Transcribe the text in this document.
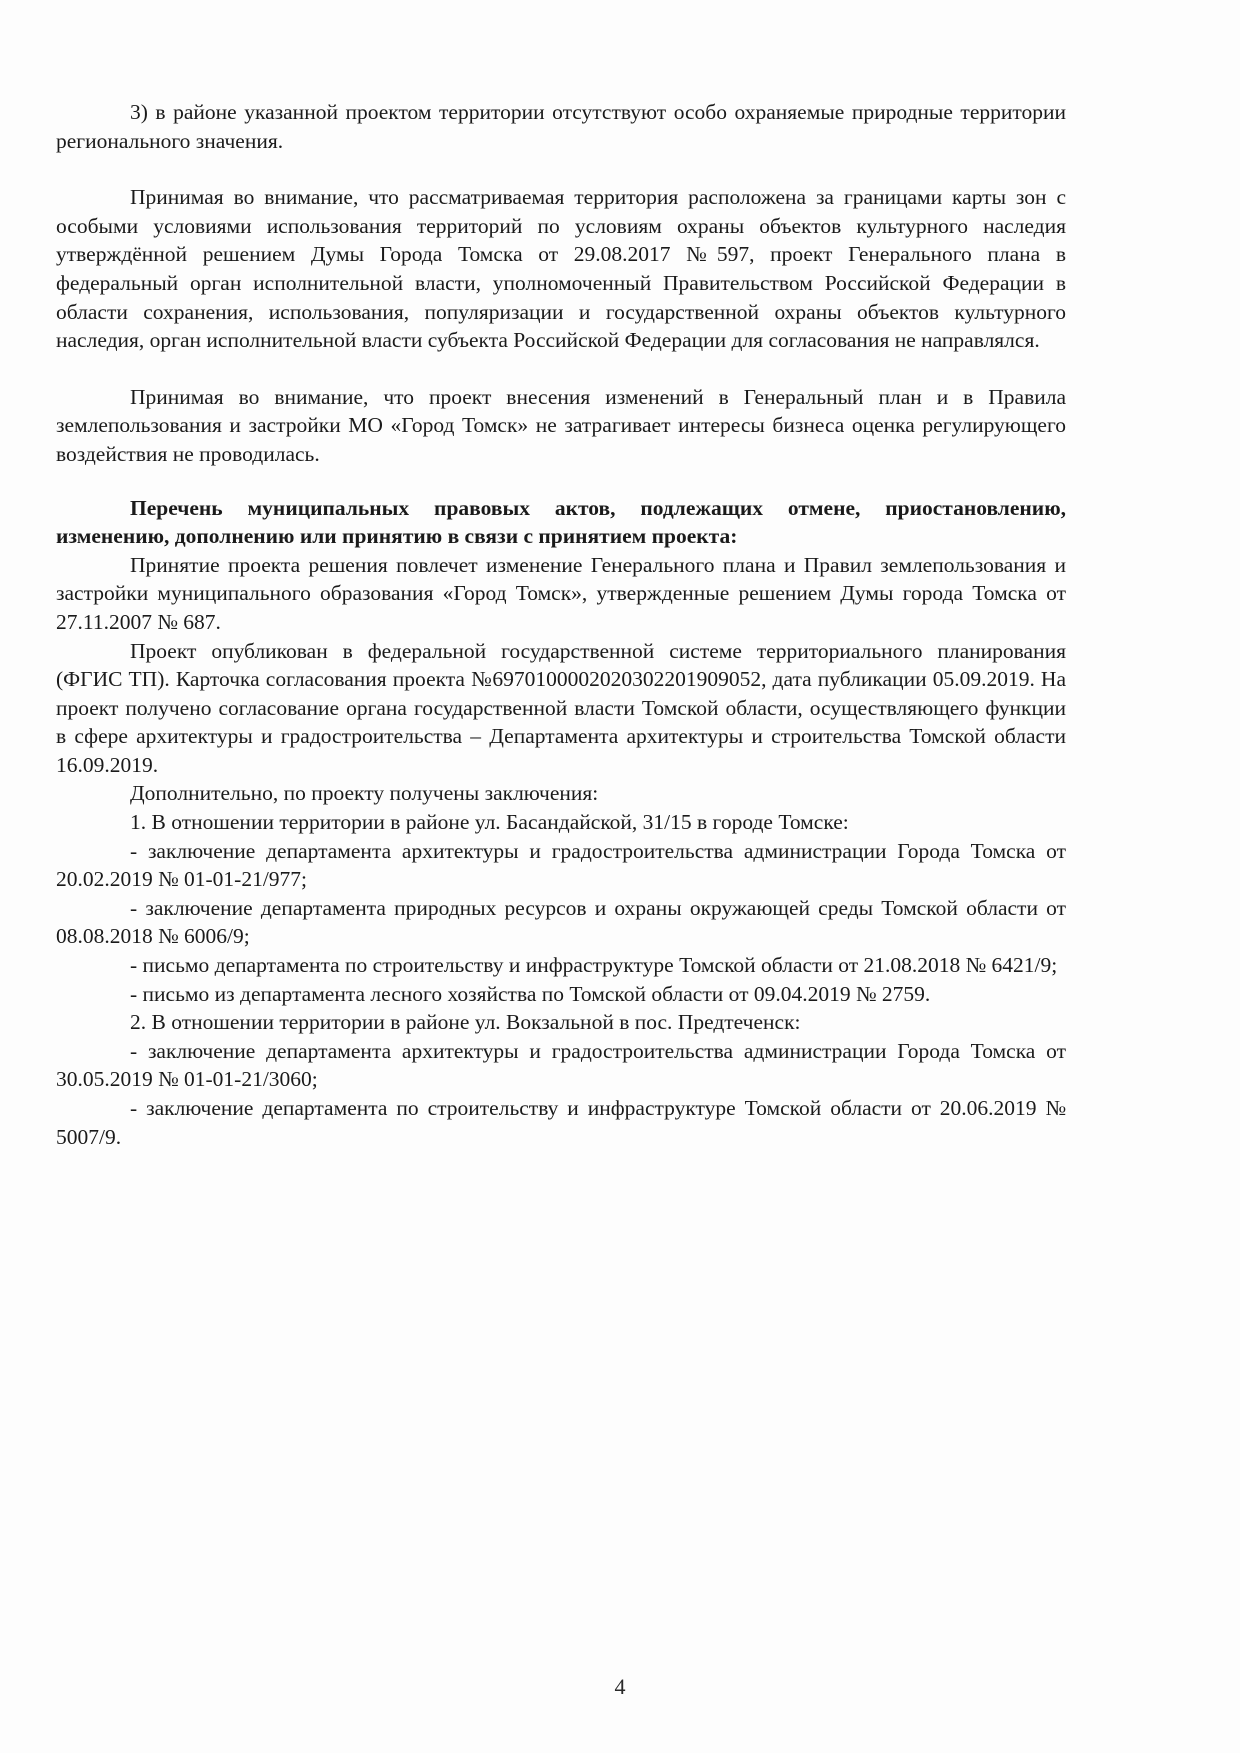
3) в районе указанной проектом территории отсутствуют особо охраняемые природные территории регионального значения.

Принимая во внимание, что рассматриваемая территория расположена за границами карты зон с особыми условиями использования территорий по условиям охраны объектов культурного наследия утверждённой решением Думы Города Томска от 29.08.2017 №597, проект Генерального плана в федеральный орган исполнительной власти, уполномоченный Правительством Российской Федерации в области сохранения, использования, популяризации и государственной охраны объектов культурного наследия, орган исполнительной власти субъекта Российской Федерации для согласования не направлялся.

Принимая во внимание, что проект внесения изменений в Генеральный план и в Правила землепользования и застройки МО «Город Томск» не затрагивает интересы бизнеса оценка регулирующего воздействия не проводилась.

Перечень муниципальных правовых актов, подлежащих отмене, приостановлению, изменению, дополнению или принятию в связи с принятием проекта:

Принятие проекта решения повлечет изменение Генерального плана и Правил землепользования и застройки муниципального образования «Город Томск», утвержденные решением Думы города Томска от 27.11.2007 № 687.

Проект опубликован в федеральной государственной системе территориального планирования (ФГИС ТП). Карточка согласования проекта №69701000020203022019090​52, дата публикации 05.09.2019. На проект получено согласование органа государственной власти Томской области, осуществляющего функции в сфере архитектуры и градостроительства – Департамента архитектуры и строительства Томской области 16.09.2019.

Дополнительно, по проекту получены заключения:

1. В отношении территории в районе ул. Басандайской, 31/15 в городе Томске:

- заключение департамента архитектуры и градостроительства администрации Города Томска от 20.02.2019 № 01-01-21/977;

- заключение департамента природных ресурсов и охраны окружающей среды Томской области от 08.08.2018 № 6006/9;

- письмо департамента по строительству и инфраструктуре Томской области от 21.08.2018 № 6421/9;

- письмо из департамента лесного хозяйства по Томской области от 09.04.2019 № 2759.

2. В отношении территории в районе ул. Вокзальной в пос. Предтеченск:

- заключение департамента архитектуры и градостроительства администрации Города Томска от 30.05.2019 № 01-01-21/3060;

- заключение департамента по строительству и инфраструктуре Томской области от 20.06.2019 № 5007/9.

4
